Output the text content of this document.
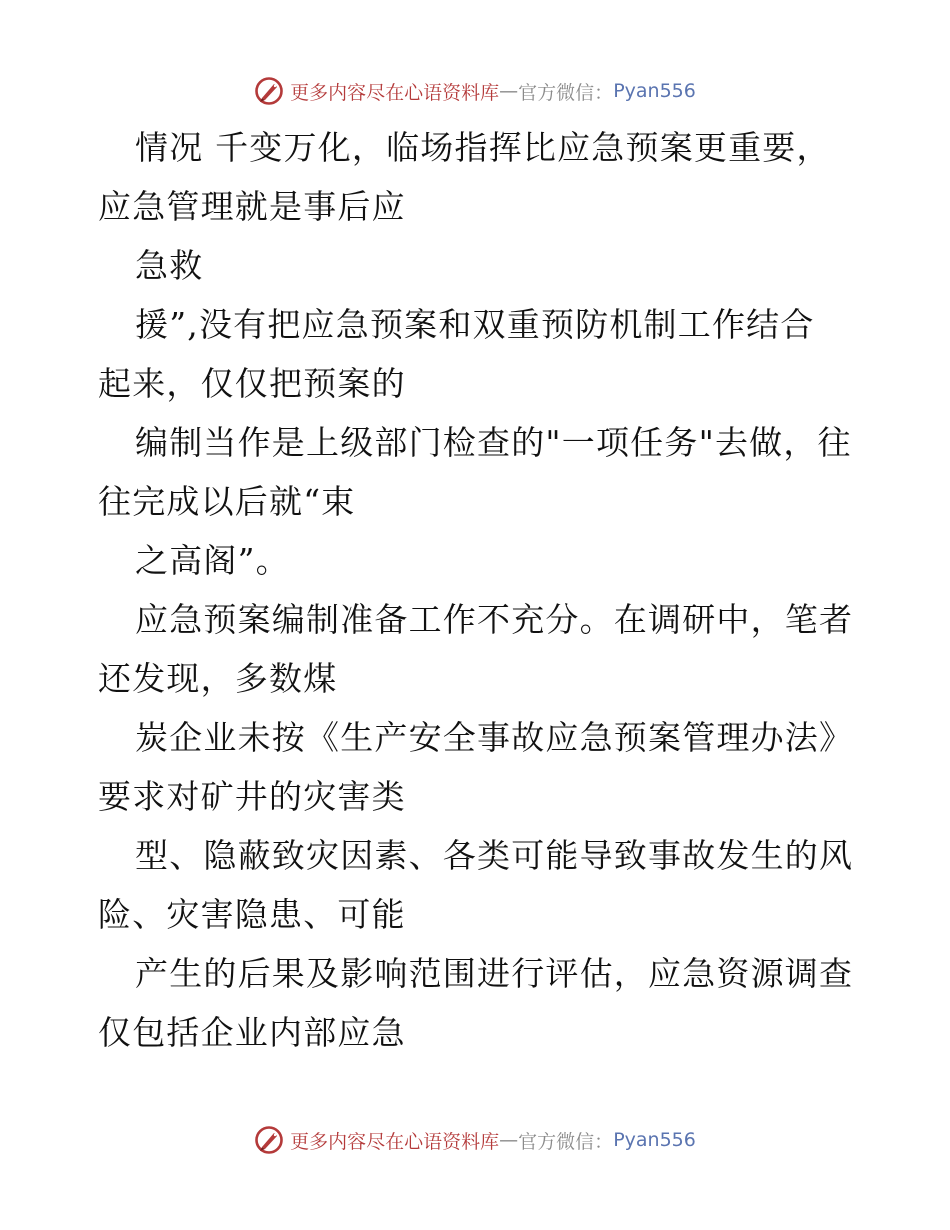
更多内容尽在心语资料库 — 官方微信： Pyan556
情况 千变万化，临场指挥比应急预案更重要，
应急管理就是事后应
急救
援”,没有把应急预案和双重预防机制工作结合
起来，仅仅把预案的
编制当作是上级部门检查的"一项任务"去做，往
往完成以后就“束
之高阁”。
应急预案编制准备工作不充分。在调研中，笔者
还发现，多数煤
炭企业未按《生产安全事故应急预案管理办法》
要求对矿井的灾害类
型、隐蔽致灾因素、各类可能导致事故发生的风
险、灾害隐患、可能
产生的后果及影响范围进行评估，应急资源调查
仅包括企业内部应急
更多内容尽在心语资料库 — 官方微信： Pyan556
